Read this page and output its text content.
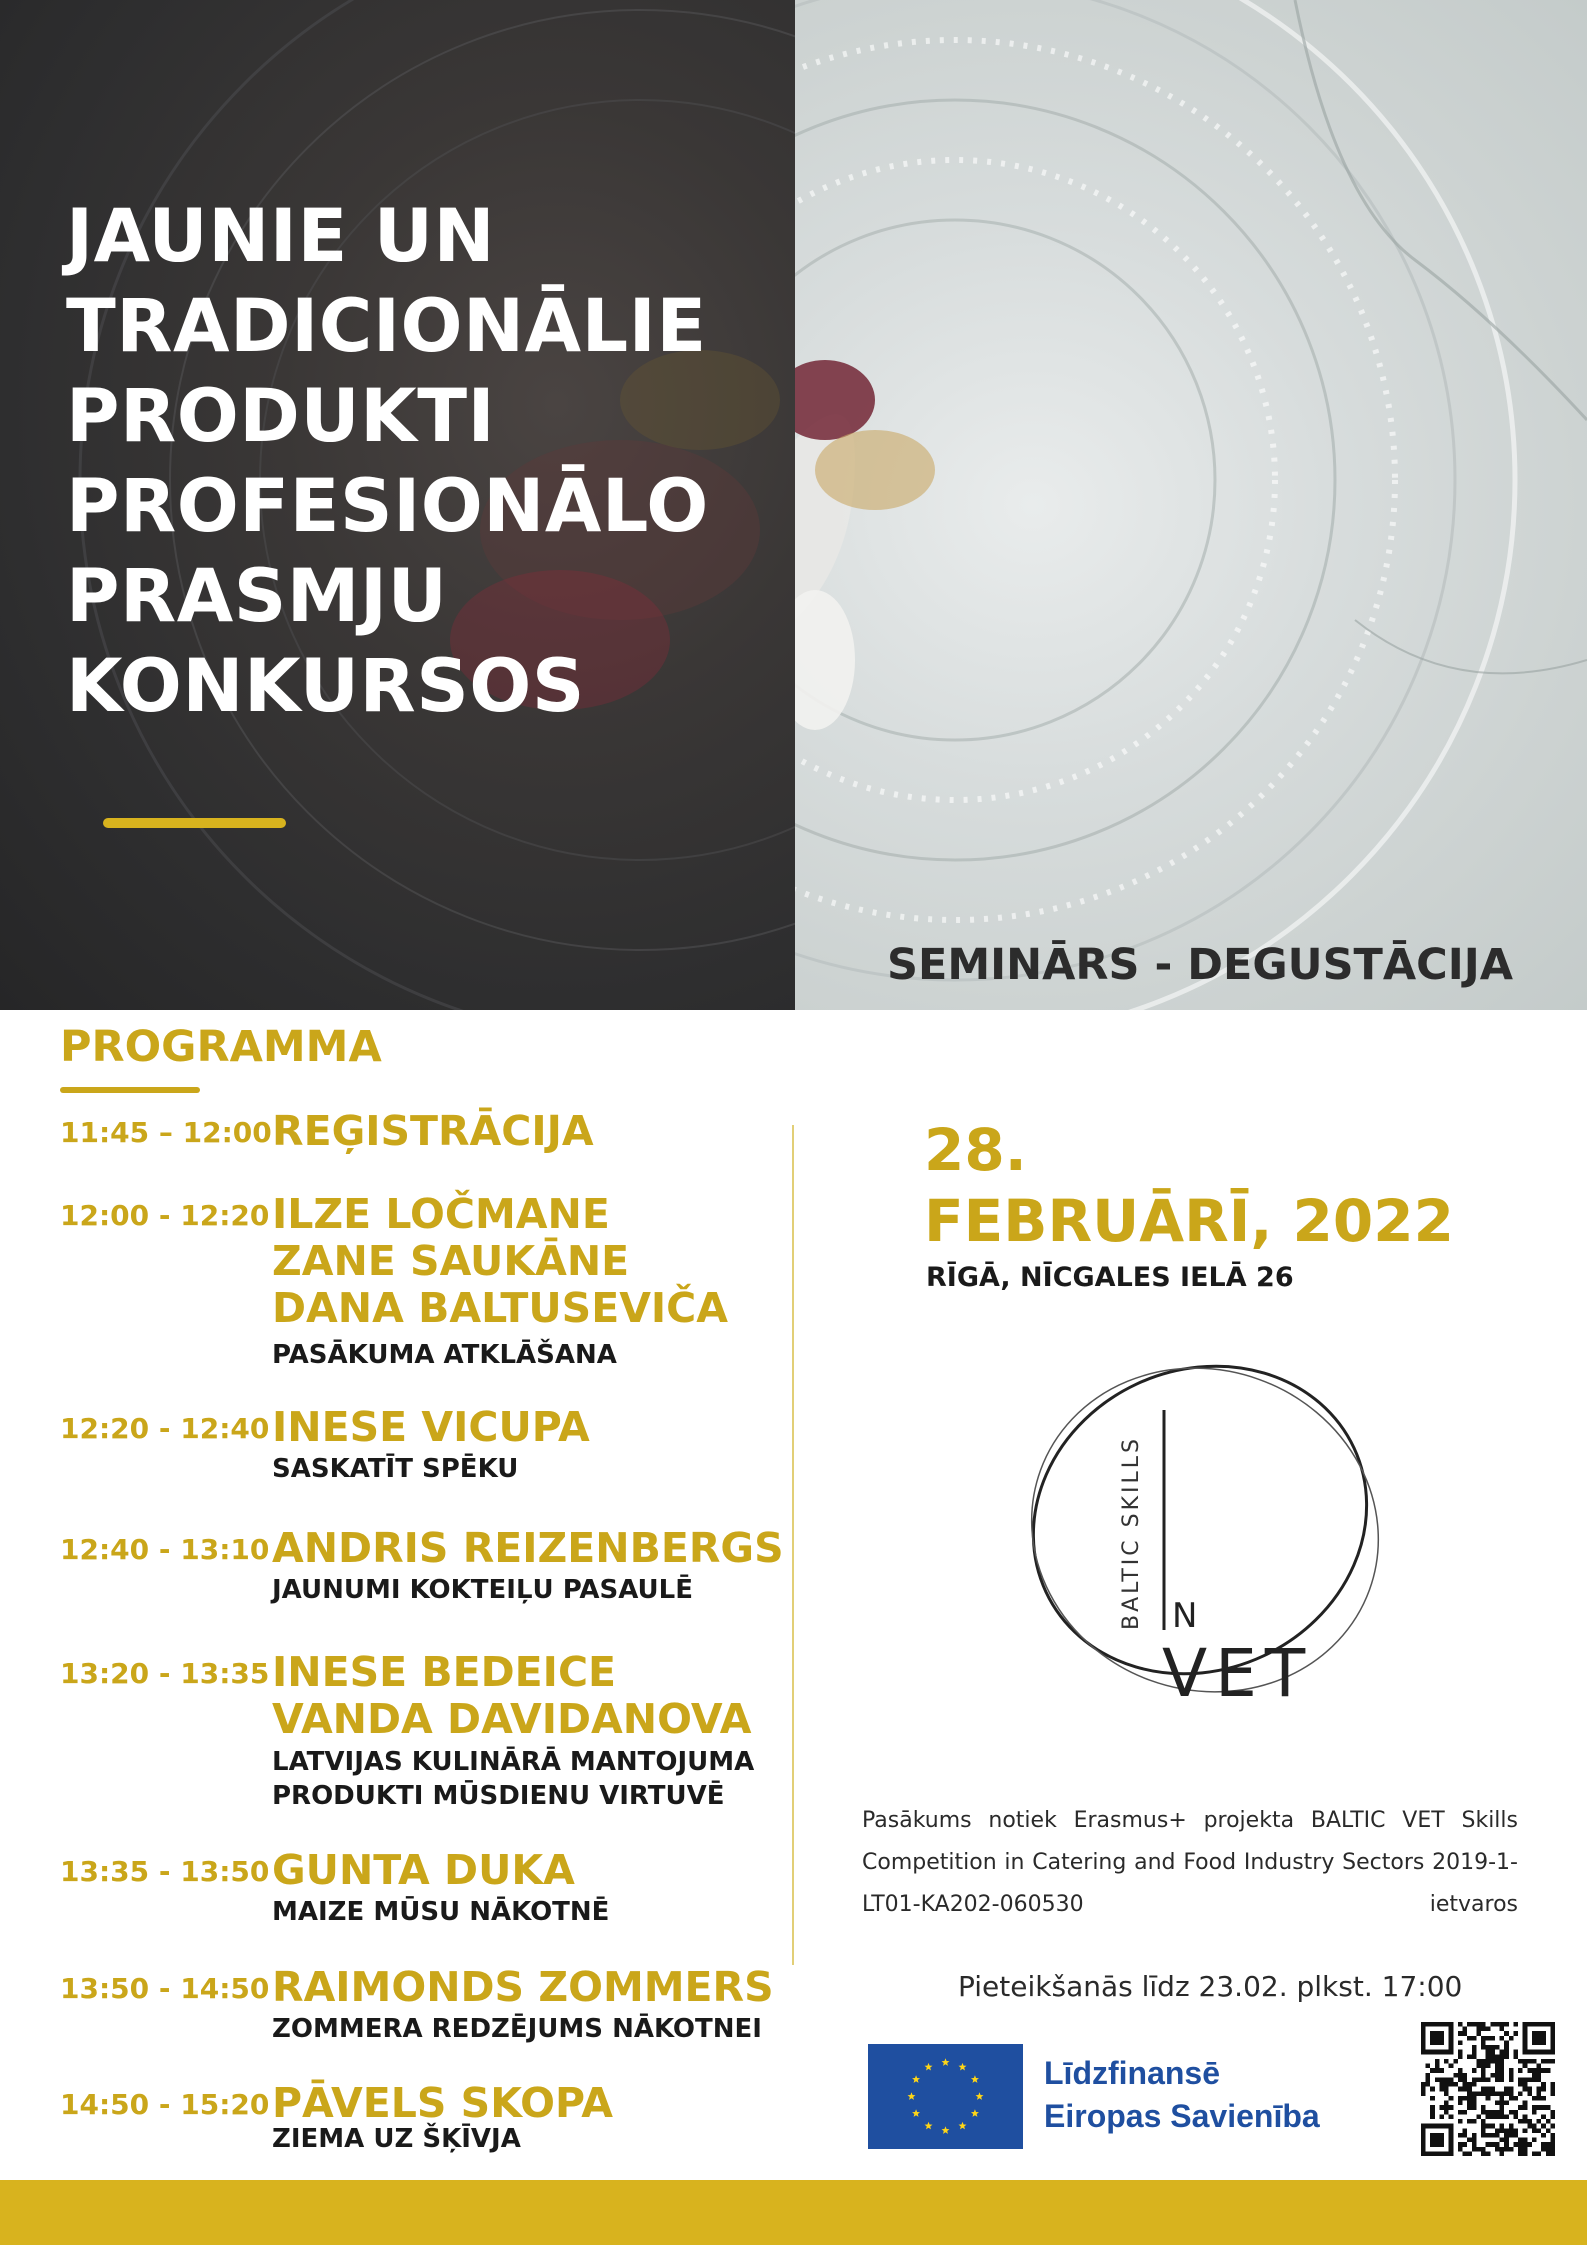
JAUNIE UN
TRADICIONĀLIE
PRODUKTI
PROFESIONĀLO
PRASMJU
KONKURSOS
SEMINĀRS - DEGUSTĀCIJA
PROGRAMMA
11:45 – 12:00 REĢISTRĀCIJA
12:00 - 12:20 ILZE LOČMANE
ZANE SAUKĀNE
DANA BALTUSEVIČA
PASĀKUMA ATKLĀŠANA
12:20 - 12:40 INESE VICUPA
SASKATĪT SPĒKU
12:40 - 13:10 ANDRIS REIZENBERGS
JAUNUMI KOKTEIĻU PASAULĒ
13:20 - 13:35 INESE BEDEICE
VANDA DAVIDANOVA
LATVIJAS KULINĀRĀ MANTOJUMA
PRODUKTI MŪSDIENU VIRTUVĒ
13:35 - 13:50 GUNTA DUKA
MAIZE MŪSU NĀKOTNĒ
13:50 - 14:50 RAIMONDS ZOMMERS
ZOMMERA REDZĒJUMS NĀKOTNEI
14:50 - 15:20 PĀVELS SKOPA
ZIEMA UZ ŠĶĪVJA
28.
FEBRUĀRĪ, 2022
RĪGĀ, NĪCGALES IELĀ 26
BALTIC SKILLS N
VET
Pasākums notiek Erasmus+ projekta BALTIC VET Skills Competition in Catering and Food Industry Sectors 2019-1-LT01-KA202-060530 ietvaros
Pieteikšanās līdz 23.02. plkst. 17:00
Līdzfinansē
Eiropas Savienība
